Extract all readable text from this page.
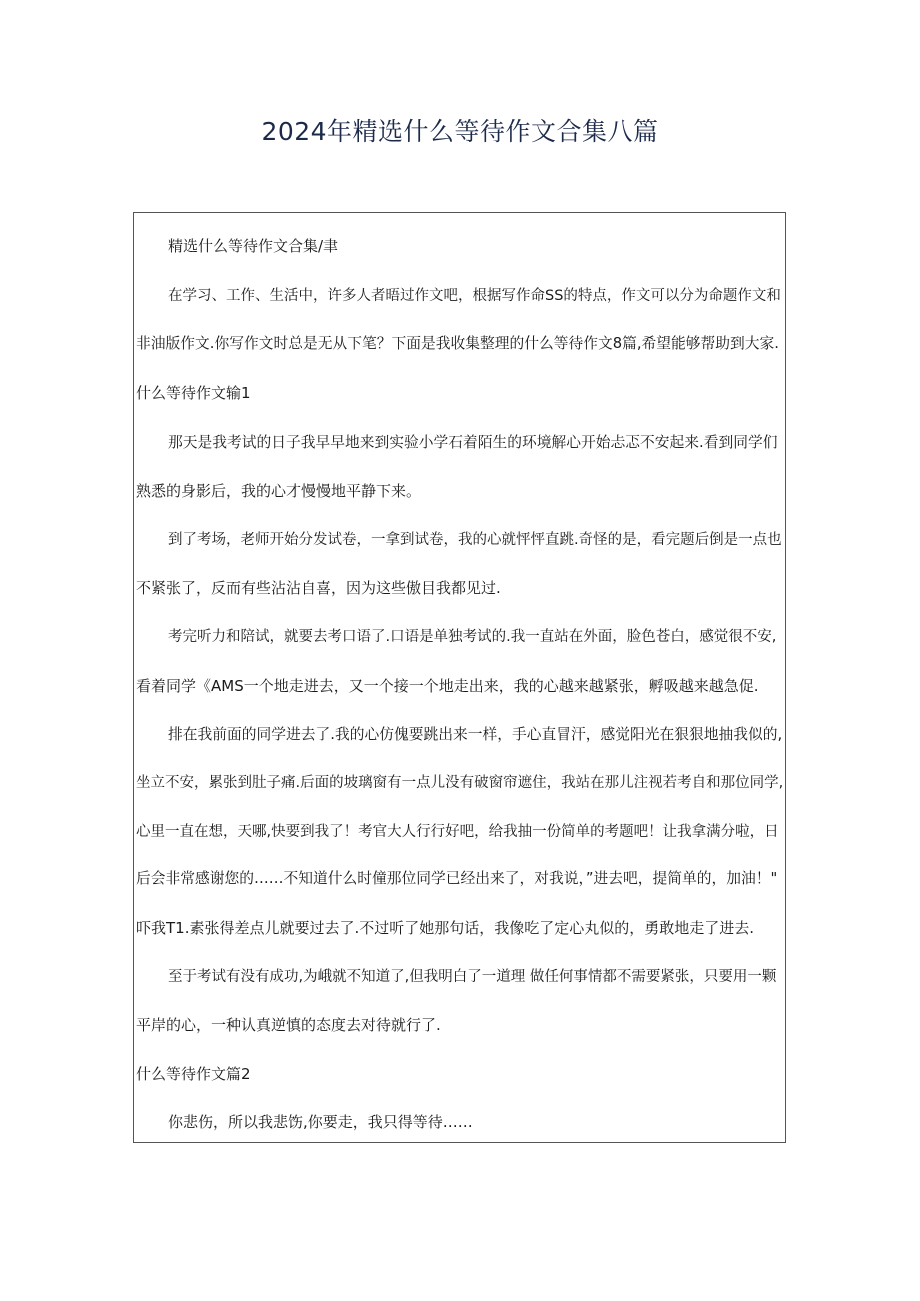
2024年精选什么等待作文合集八篇
精选什么等待作文合集/聿
在学习、工作、生活中，许多人者晤过作文吧，根据写作命SS的特点，作文可以分为命题作文和
非油版作文.你写作文时总是无从下笔？下面是我收集整理的什么等待作文8篇,希望能够帮助到大家.
什么等待作文输1
那天是我考试的日子我早早地来到实验小学石着陌生的环境解心开始忐忑不安起来.看到同学们
熟悉的身影后，我的心才慢慢地平静下来。
到了考场，老师开始分发试卷，一拿到试卷，我的心就怦怦直跳.奇怪的是，看完题后倒是一点也
不紧张了，反而有些沾沾自喜，因为这些傲目我都见过.
考完听力和陪试，就要去考口语了.口语是单独考试的.我一直站在外面，脸色苍白，感觉很不安,
看着同学《AMS一个地走进去，又一个接一个地走出来，我的心越来越紧张，孵吸越来越急促.
排在我前面的同学进去了.我的心仿傀要跳出来一样，手心直冒汗，感觉阳光在狠狠地抽我似的,
坐立不安，累张到肚子痛.后面的坡璃窗有一点儿没有破窗帘遮住，我站在那儿注视若考自和那位同学,
心里一直在想，天哪,快要到我了！考官大人行行好吧，给我抽一份简单的考题吧！让我拿满分啦，日
后会非常感谢您的……不知道什么时僮那位同学已经出来了，对我说，”进去吧，提简单的，加油！"
吓我T1.素张得差点儿就要过去了.不过听了她那句话，我像吃了定心丸似的，勇敢地走了进去.
至于考试有没有成功,为峨就不知道了,但我明白了一道理 做任何事情都不需要紧张，只要用一颗
平岸的心，一种认真逆慎的态度去对待就行了.
什么等待作文篇2
你悲伤，所以我悲饬,你要走，我只得等待……
